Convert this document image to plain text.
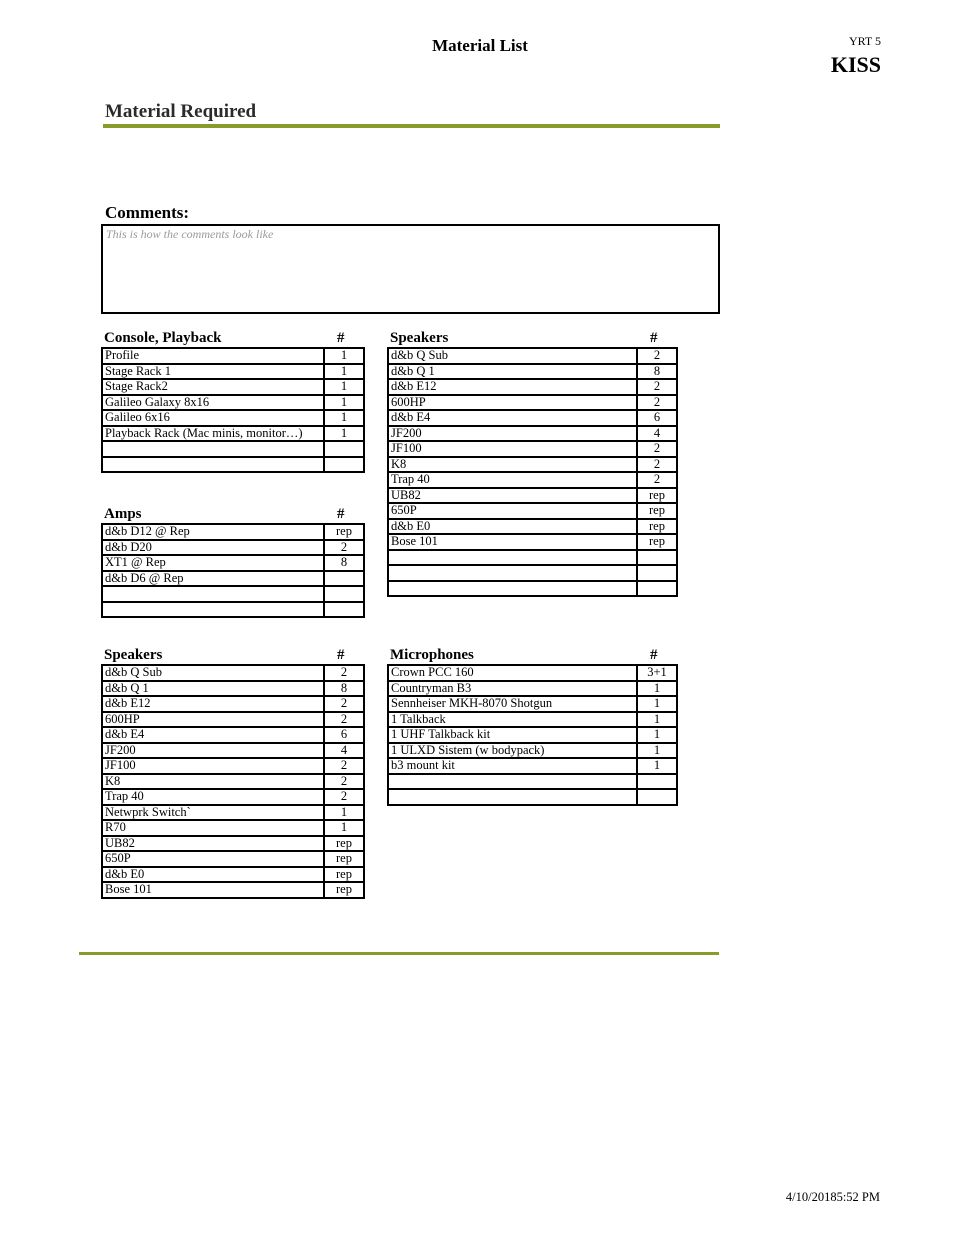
Material List	YRT 5
KISS
Material Required
Comments:
This is how the comments look like
Console, Playback	#
Profile	1
Stage Rack 1	1
Stage Rack2	1
Galileo Galaxy 8x16	1
Galileo 6x16	1
Playback Rack (Mac minis, monitor…)	1

Amps	#
d&b D12 @ Rep	rep
d&b D20	2
XT1 @ Rep	8
d&b D6 @ Rep	

Speakers	#
d&b Q Sub	2
d&b Q 1	8
d&b E12	2
600HP	2
d&b E4	6
JF200	4
JF100	2
K8	2
Trap 40	2
Netwprk Switch`	1
R70	1
UB82	rep
650P	rep
d&b E0	rep
Bose 101	rep
Speakers	#
d&b Q Sub	2
d&b Q 1	8
d&b E12	2
600HP	2
d&b E4	6
JF200	4
JF100	2
K8	2
Trap 40	2
UB82	rep
650P	rep
d&b E0	rep
Bose 101	rep

Microphones	#
Crown PCC 160	3+1
Countryman B3	1
Sennheiser MKH-8070 Shotgun	1
1 Talkback	1
1 UHF Talkback kit	1
1 ULXD Sistem (w bodypack)	1
b3 mount kit	1

4/10/20185:52 PM
